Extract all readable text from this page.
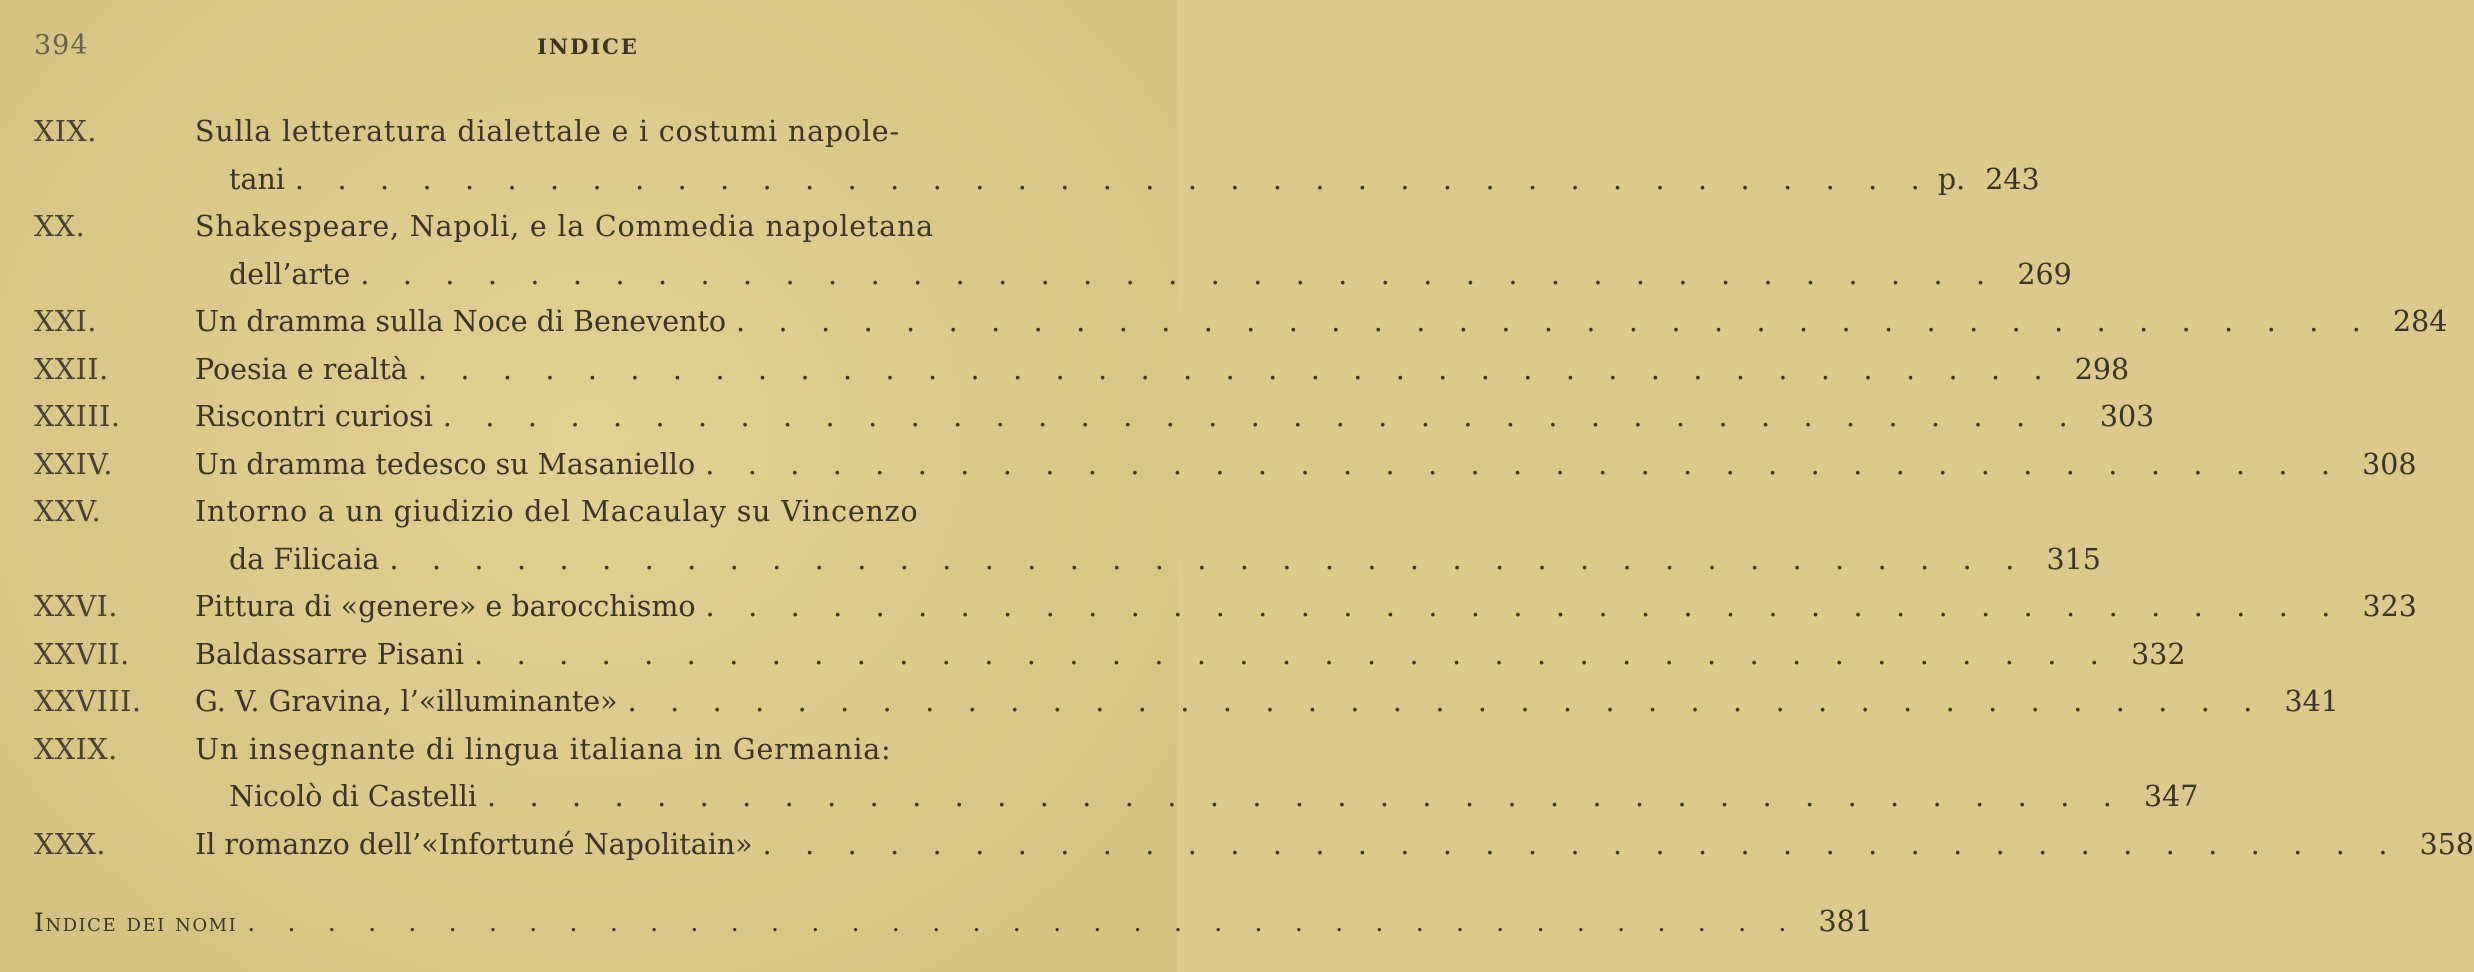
394	INDICE
XIX.	Sulla letteratura dialettale e i costumi napole-
tani . . . . . . . . . . . . . . . . . . . . . . . . . . . . . . . . . . . . . . . p. 243
XX.	Shakespeare, Napoli, e la Commedia napoletana
dell’arte . . . . . . . . . . . . . . . . . . . . . . . . . . . . . . . . . . . . . . . 269
XXI.	Un dramma sulla Noce di Benevento . . . . . . . . . . . . . . . . . . . . . . . . . . . . . . . . . . . . . . . 284
XXII.	Poesia e realtà . . . . . . . . . . . . . . . . . . . . . . . . . . . . . . . . . . . . . . . 298
XXIII.	Riscontri curiosi . . . . . . . . . . . . . . . . . . . . . . . . . . . . . . . . . . . . . . . 303
XXIV.	Un dramma tedesco su Masaniello . . . . . . . . . . . . . . . . . . . . . . . . . . . . . . . . . . . . . . . 308
XXV.	Intorno a un giudizio del Macaulay su Vincenzo
da Filicaia . . . . . . . . . . . . . . . . . . . . . . . . . . . . . . . . . . . . . . . 315
XXVI.	Pittura di «genere» e barocchismo . . . . . . . . . . . . . . . . . . . . . . . . . . . . . . . . . . . . . . . 323
XXVII. Baldassarre Pisani . . . . . . . . . . . . . . . . . . . . . . . . . . . . . . . . . . . . . . . 332
XXVIII. G. V. Gravina, l’«illuminante» . . . . . . . . . . . . . . . . . . . . . . . . . . . . . . . . . . . . . . . 341
XXIX.	Un insegnante di lingua italiana in Germania:
Nicolò di Castelli . . . . . . . . . . . . . . . . . . . . . . . . . . . . . . . . . . . . . . . 347
XXX.	Il romanzo dell’«Infortuné Napolitain» . . . . . . . . . . . . . . . . . . . . . . . . . . . . . . . . . . . . . . . 358
Indice dei nomi . . . . . . . . . . . . . . . . . . . . . . . . . . . . . . . . . . . . . . . 381
